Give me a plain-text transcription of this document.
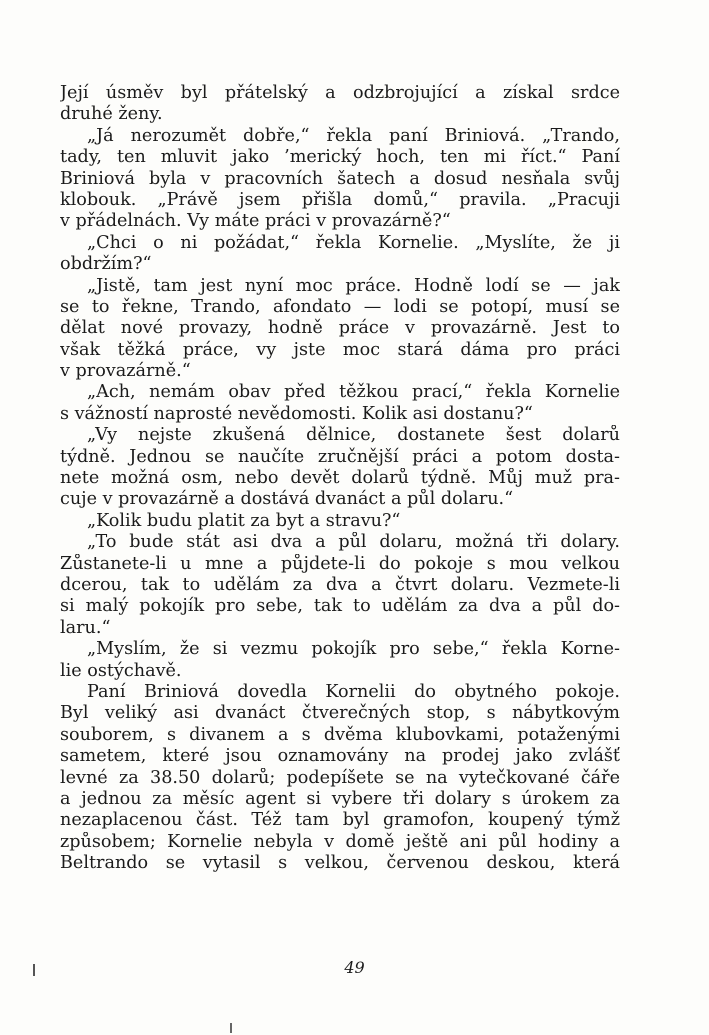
Její úsměv byl přátelský a odzbrojující a získal srdce
druhé ženy.
„Já nerozumět dobře,“ řekla paní Briniová. „Trando,
tady, ten mluvit jako ’merický hoch, ten mi říct.“ Paní
Briniová byla v pracovních šatech a dosud nesňala svůj
klobouk. „Právě jsem přišla domů,“ pravila. „Pracuji
v přádelnách. Vy máte práci v provazárně?“
„Chci o ni požádat,“ řekla Kornelie. „Myslíte, že ji
obdržím?“
„Jistě, tam jest nyní moc práce. Hodně lodí se — jak
se to řekne, Trando, afondato — lodi se potopí, musí se
dělat nové provazy, hodně práce v provazárně. Jest to
však těžká práce, vy jste moc stará dáma pro práci
v provazárně.“
„Ach, nemám obav před těžkou prací,“ řekla Kornelie
s vážností naprosté nevědomosti. Kolik asi dostanu?“
„Vy nejste zkušená dělnice, dostanete šest dolarů
týdně. Jednou se naučíte zručnější práci a potom dosta-
nete možná osm, nebo devět dolarů týdně. Můj muž pra-
cuje v provazárně a dostává dvanáct a půl dolaru.“
„Kolik budu platit za byt a stravu?“
„To bude stát asi dva a půl dolaru, možná tři dolary.
Zůstanete-li u mne a půjdete-li do pokoje s mou velkou
dcerou, tak to udělám za dva a čtvrt dolaru. Vezmete-li
si malý pokojík pro sebe, tak to udělám za dva a půl do-
laru.“
„Myslím, že si vezmu pokojík pro sebe,“ řekla Korne-
lie ostýchavě.
Paní Briniová dovedla Kornelii do obytného pokoje.
Byl veliký asi dvanáct čtverečných stop, s nábytkovým
souborem, s divanem a s dvěma klubovkami, potaženými
sametem, které jsou oznamovány na prodej jako zvlášť
levné za 38.50 dolarů; podepíšete se na vytečkované čáře
a jednou za měsíc agent si vybere tři dolary s úrokem za
nezaplacenou část. Též tam byl gramofon, koupený týmž
způsobem; Kornelie nebyla v domě ještě ani půl hodiny a
Beltrando se vytasil s velkou, červenou deskou, která
49
